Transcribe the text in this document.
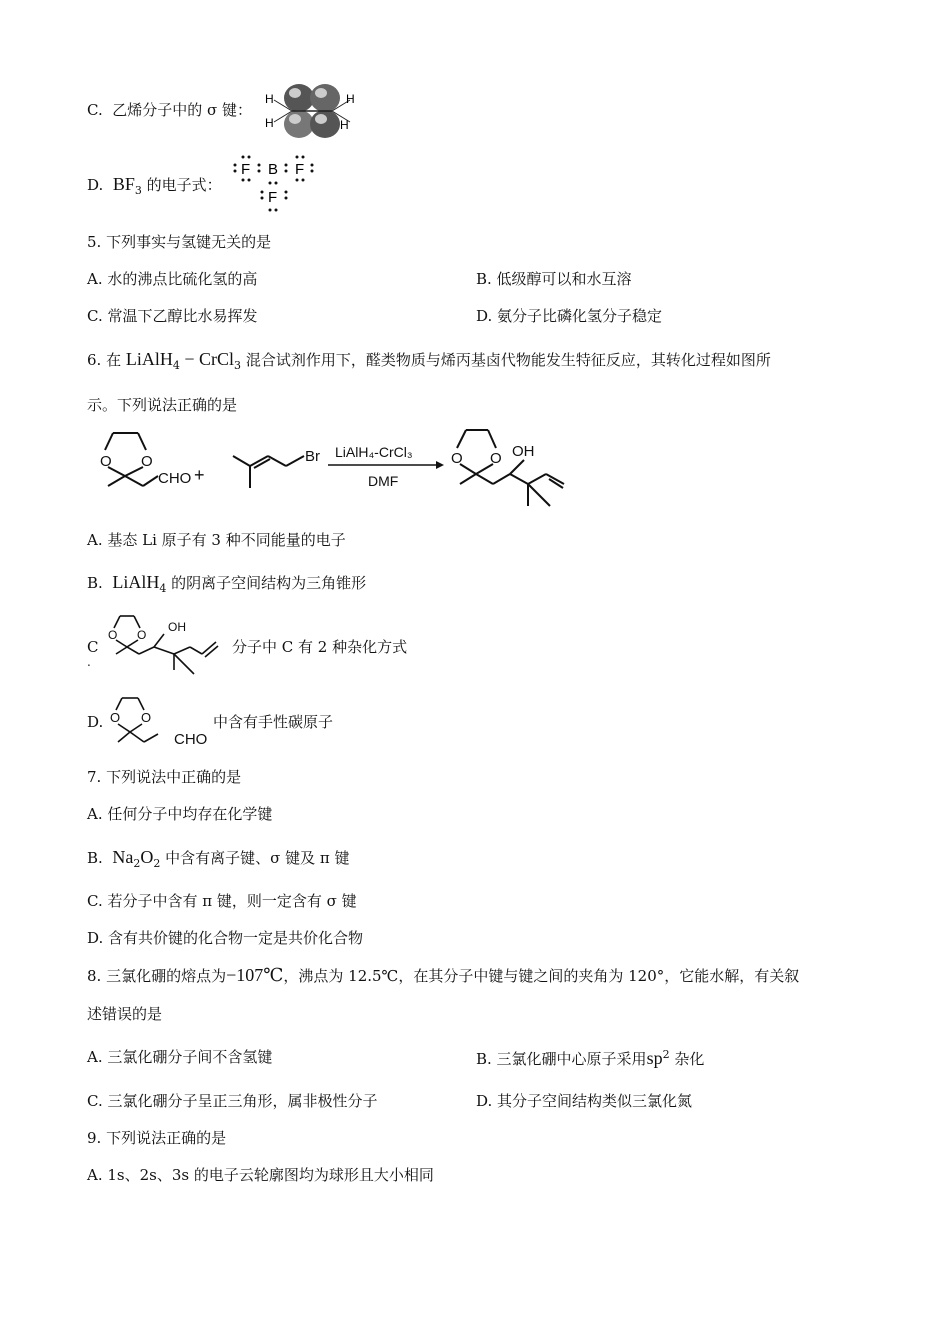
C. 乙烯分子中的 σ 键：
H
H
H
H
D. $BF_3$ 的电子式：
F B F
F
5. 下列事实与氢键无关的是
A. 水的沸点比硫化氢的高	B. 低级醇可以和水互溶
C. 常温下乙醇比水易挥发	D. 氨分子比磷化氢分子稳定
6. 在 LiAlH$_4$ − CrCl$_3$ 混合试剂作用下，醛类物质与烯丙基卤代物能发生特征反应，其转化过程如图所
示。下列说法正确的是
O O
CHO +
Br LiAlH₄-CrCl₃
DMF
O O OH
A. 基态 Li 原子有 3 种不同能量的电子
B. LiAlH$_4$ 的阴离子空间结构为三角锥形
C
.
O O
OH
分子中 C 有 2 种杂化方式
D. O O
CHO
中含有手性碳原子
7. 下列说法中正确的是
A. 任何分子中均存在化学键
B. $Na_2O_2$ 中含有离子键、σ 键及 π 键
C. 若分子中含有 π 键，则一定含有 σ 键
D. 含有共价键的化合物一定是共价化合物
8. 三氯化硼的熔点为−107℃，沸点为 12.5℃，在其分子中键与键之间的夹角为 120°，它能水解，有关叙
述错误的是
A. 三氯化硼分子间不含氢键	B. 三氯化硼中心原子采用$sp^2$ 杂化
C. 三氯化硼分子呈正三角形，属非极性分子	D. 其分子空间结构类似三氯化氮
9. 下列说法正确的是
A. 1s、2s、3s 的电子云轮廓图均为球形且大小相同
